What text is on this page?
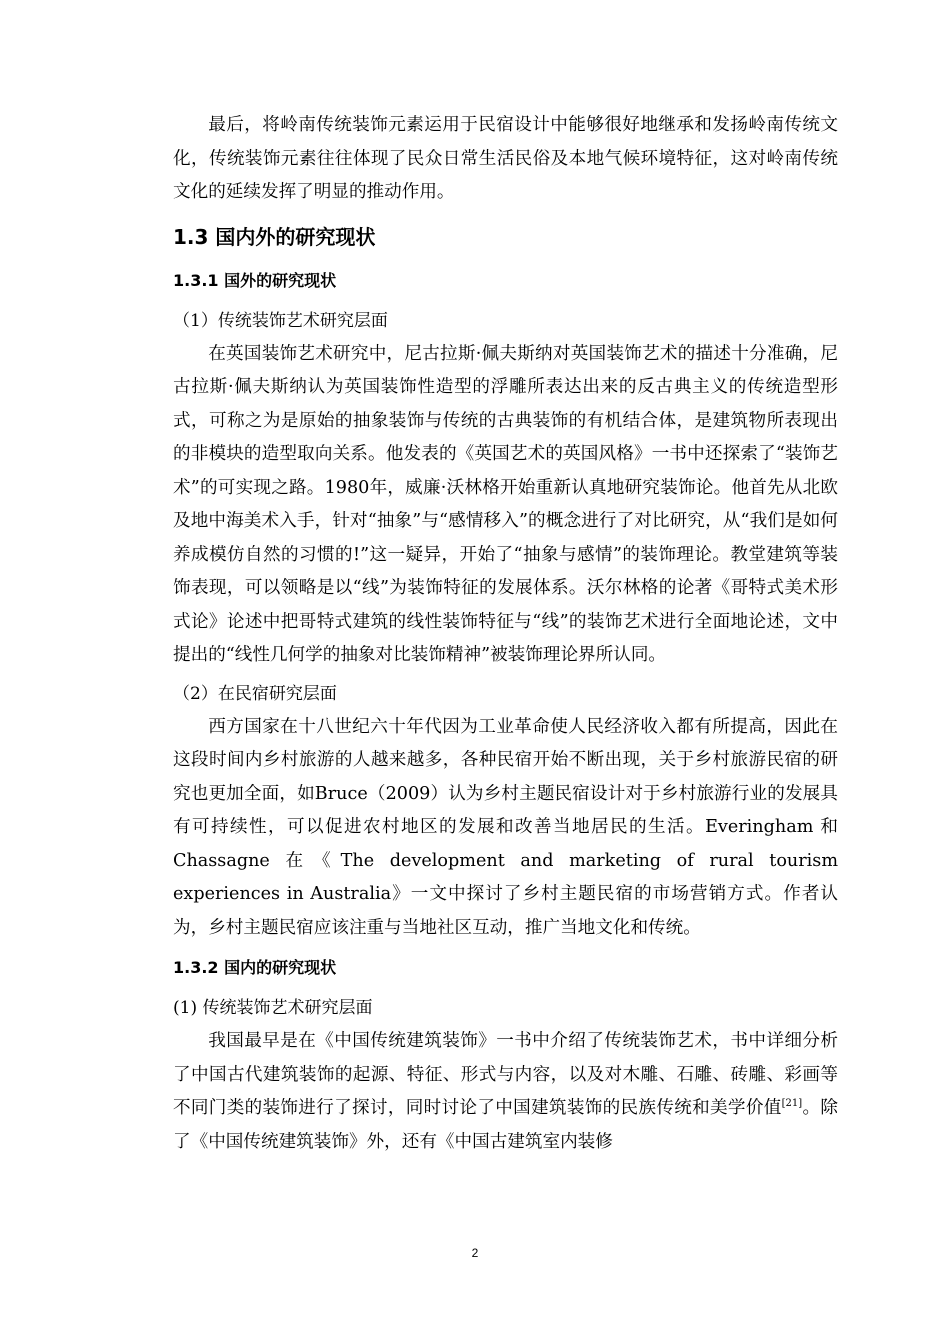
最后，将岭南传统装饰元素运用于民宿设计中能够很好地继承和发扬岭南传统文化，传统装饰元素往往体现了民众日常生活民俗及本地气候环境特征，这对岭南传统文化的延续发挥了明显的推动作用。

1.3 国内外的研究现状
1.3.1 国外的研究现状

（1）传统装饰艺术研究层面

在英国装饰艺术研究中，尼古拉斯·佩夫斯纳对英国装饰艺术的描述十分准确，尼古拉斯·佩夫斯纳认为英国装饰性造型的浮雕所表达出来的反古典主义的传统造型形式，可称之为是原始的抽象装饰与传统的古典装饰的有机结合体，是建筑物所表现出的非模块的造型取向关系。他发表的《英国艺术的英国风格》一书中还探索了“装饰艺术”的可实现之路。1980年，威廉·沃林格开始重新认真地研究装饰论。他首先从北欧及地中海美术入手，针对“抽象”与“感情移入”的概念进行了对比研究，从“我们是如何养成模仿自然的习惯的!”这一疑异，开始了“抽象与感情”的装饰理论。教堂建筑等装饰表现，可以领略是以“线”为装饰特征的发展体系。沃尔林格的论著《哥特式美术形式论》论述中把哥特式建筑的线性装饰特征与“线”的装饰艺术进行全面地论述，文中提出的“线性几何学的抽象对比装饰精神”被装饰理论界所认同。

（2）在民宿研究层面

西方国家在十八世纪六十年代因为工业革命使人民经济收入都有所提高，因此在这段时间内乡村旅游的人越来越多，各种民宿开始不断出现，关于乡村旅游民宿的研究也更加全面，如Bruce（2009）认为乡村主题民宿设计对于乡村旅游行业的发展具有可持续性，可以促进农村地区的发展和改善当地居民的生活。Everingham 和 Chassagne 在《The development and marketing of rural tourism experiences in Australia》一文中探讨了乡村主题民宿的市场营销方式。作者认为，乡村主题民宿应该注重与当地社区互动，推广当地文化和传统。

1.3.2 国内的研究现状

(1) 传统装饰艺术研究层面

我国最早是在《中国传统建筑装饰》一书中介绍了传统装饰艺术，书中详细分析了中国古代建筑装饰的起源、特征、形式与内容，以及对木雕、石雕、砖雕、彩画等不同门类的装饰进行了探讨，同时讨论了中国建筑装饰的民族传统和美学价值[21]。除了《中国传统建筑装饰》外，还有《中国古建筑室内装修

2
